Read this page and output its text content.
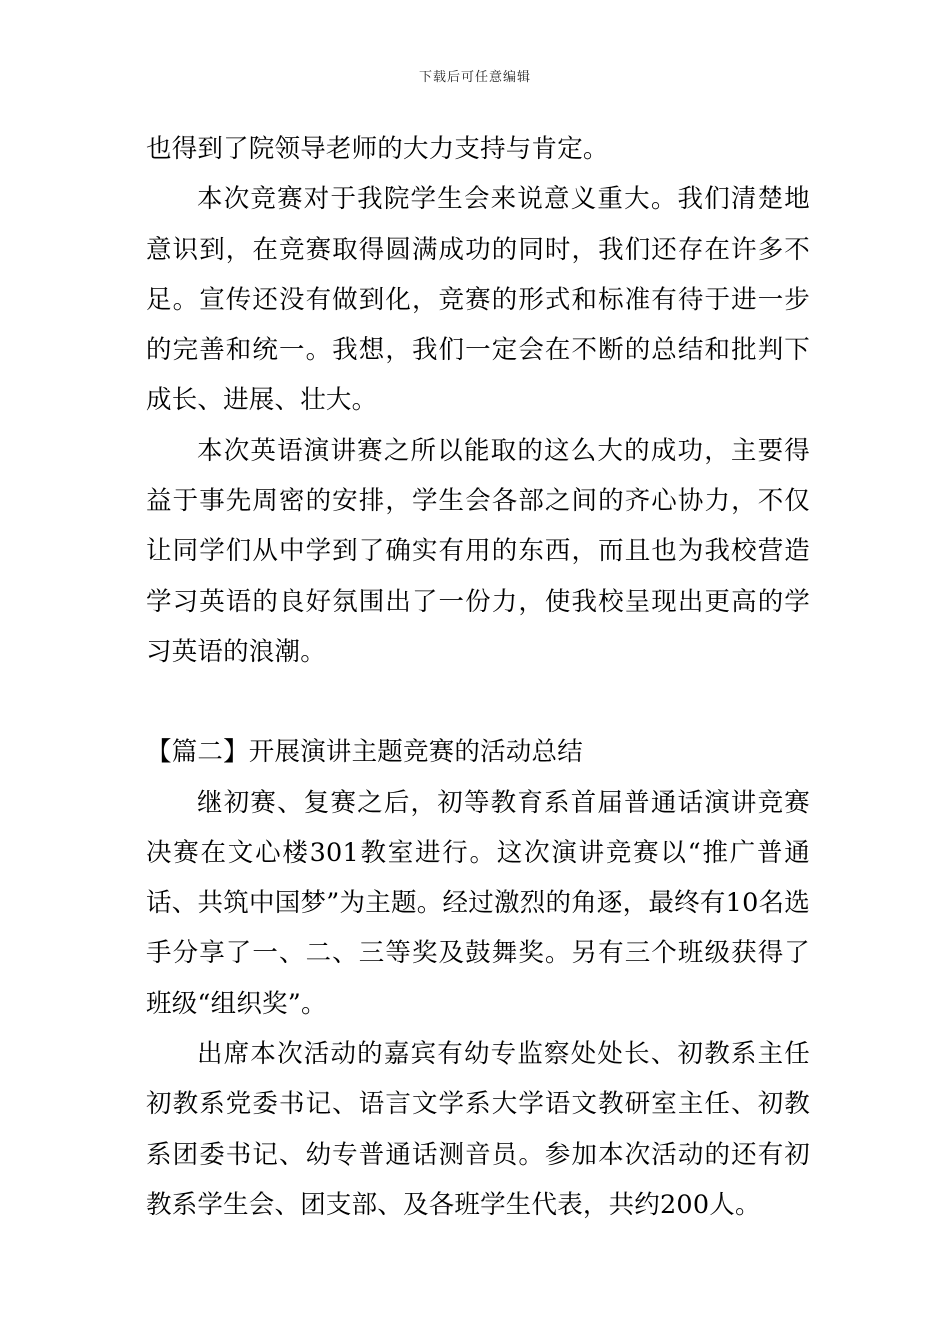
下载后可任意编辑

也得到了院领导老师的大力支持与肯定。

本次竞赛对于我院学生会来说意义重大。我们清楚地意识到，在竞赛取得圆满成功的同时，我们还存在许多不足。宣传还没有做到化，竞赛的形式和标准有待于进一步的完善和统一。我想，我们一定会在不断的总结和批判下成长、进展、壮大。

本次英语演讲赛之所以能取的这么大的成功，主要得益于事先周密的安排，学生会各部之间的齐心协力，不仅让同学们从中学到了确实有用的东西，而且也为我校营造学习英语的良好氛围出了一份力，使我校呈现出更高的学习英语的浪潮。

【篇二】开展演讲主题竞赛的活动总结

继初赛、复赛之后，初等教育系首届普通话演讲竞赛决赛在文心楼301教室进行。这次演讲竞赛以“推广普通话、共筑中国梦”为主题。经过激烈的角逐，最终有10名选手分享了一、二、三等奖及鼓舞奖。另有三个班级获得了班级“组织奖”。

出席本次活动的嘉宾有幼专监察处处长、初教系主任初教系党委书记、语言文学系大学语文教研室主任、初教系团委书记、幼专普通话测音员。参加本次活动的还有初教系学生会、团支部、及各班学生代表，共约200人。
